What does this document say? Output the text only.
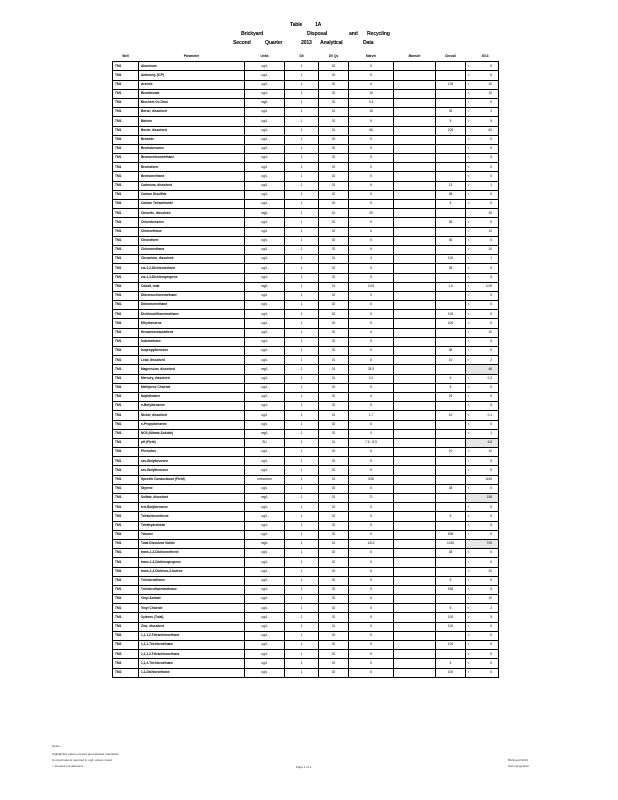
Table 1A
Brickyard	Disposal	and Recycling
Second	Quarter	2013 Analytical	Data
Well	Parameter	Units	Dil	DV Qs	Marvel	Mansell	Chrusll		2013
TM1	Aluminum	ug/L	1	02	5			<	5
TM1	Antimony (ICP)	ug/L	1	02	5			<	6
TM1	Arsenic	ug/L	1	02	6		135	<	10
TM1	Bicarbonate	ug/L	1	02	15			<	10
TM1	Biochem Ox Dmd	mg/L	1	02	0.5			<	5
TM1	Boron, dissolved	ug/L	1	01	18		35	<	2
TM1	Barium	ug/L	1	02	5		5	<	5
TM1	Boron, dissolved	ug/L	1	01	68		205		62
TM1	Bromide	ug/L	1	02	5			<	5
TM1	Bromobenzene	ug/L	1	02	5			<	5
TM1	Bromochloromethane	ug/L	1	02	5			<	5
TM1	Bromoform	ug/L	1	02	5			<	5
TM1	Bromomethane	ug/L	1	02	5			<	5
TM1	Cadmium, dissolved	ug/L	1	01	6		13	<	1
TM1	Carbon Disulfide	ug/L	1	02	5		38	<	5
TM1	Carbon Tetrachloride	ug/L	1	02	5		5	<	5
TM1	Chloride, dissolved	mg/L	1	01	25				25
TM1	Chlorobenzene	ug/L	1	02	5		38	<	5
TM1	Chloroethane	ug/L	1	02	6			<	10
TM1	Chloroform	ug/L	1	02	5		36	<	5
TM1	Chloromethane	ug/L	1	02	6			<	10
TM1	Chromium, dissolved	ug/L	1	01	3		100	<	1
TM1	cis-1,2-Dichloroethene	ug/L	1	02	5		38	<	5
TM1	cis-1,3-Dichloropropene	ug/L	1	02	5			<	5
TM1	Cobalt, total	mg/L	1	01	0.05		1.6	<	0.05
TM1	Dibromochloromethane	ug/L	1	02	5			<	5
TM1	Dibromomethane	ug/L	1	02	5			<	5
TM1	Dichlorodifluoromethane	ug/L	1	02	5		100	<	5
TM1	Ethylbenzene	ug/L	1	02	5		100	<	5
TM1	Hexachlorobutadiene	ug/L	1	02	6			<	10
TM1	Iodomethane	ug/L	1	02	5			<	5
TM1	Isopropylbenzene	ug/L	1	02	5		38	<	5
TM1	Lead, dissolved	ug/L	1	01	6		10	<	2
TM1	Magnesium, dissolved	mg/L	1	01	28.9				46
TM1	Mercury, dissolved	ug/L	1	01	0.2		6	<	0.2
TM1	Methylene Chloride	ug/L	1	02	5		6	<	5
TM1	Naphthalene	ug/L	1	02	6		25	<	5
TM1	n-Butylbenzene	ug/L	1	02	5			<	5
TM1	Nickel, dissolved	ug/L	1	01	1.7		10	<	0.1
TM1	n-Propylbenzene	ug/L	1	02	5			<	5
TM1	NO3 (Nitrate-Soluble)	mg/L	1	02	0			<	1
TM1	pH (Field)	SU	1	01	7.6 - 8.5				6.8
TM1	Phenolics	ug/L	1	02	6		10	<	10
TM1	sec-Butylbenzene	ug/L	1	02	5			<	5
TM1	sec-Butylbenzene	ug/L	1	02	5			<	5
TM1	Specific Conductance (Field)	umhos/cm	1	01	538				1165
TM1	Styrene	ug/L	1	02	5		38	<	5
TM1	Sulfate, dissolved	mg/L	1	01	71				158
TM1	tert-Butylbenzene	ug/L	1	02	5			<	5
TM1	Tetrachloroethene	ug/L	1	02	5		5	<	5
TM1	Tetrahydrofuran	ug/L	1	02	5			<	5
TM1	Toluene	ug/L	1	02	5		538	<	5
TM1	Total Dissolved Solids	mg/L	1	01	1412		1315		706
TM1	trans-1,2-Dichloroethene	ug/L	1	02	5		38	<	5
TM1	trans-1,3-Dichloropropene	ug/L	1	02	5			<	5
TM1	trans-1,4-Dichloro-2-butene	ug/L	1	02	6			<	20
TM1	Trichloroethene	ug/L	1	02	5		5	<	5
TM1	Trichlorofluoromethane	ug/L	1	02	5		538	<	5
TM1	Vinyl Acetate	ug/L	1	02	6			<	10
TM1	Vinyl Chloride	ug/L	1	02	6		6	<	2
TM1	Xylenes (Total)	ug/L	1	02	5		100	<	5
TM1	Zinc, dissolved	ug/L	1	01	5		100	<	5
TM2	1,1,1,2-Tetrachloroethane	ug/L	1	02	5			<	5
TM2	1,1,1-Trichloroethane	ug/L	1	02	5		100	<	5
TM2	1,1,2,2-Tetrachloroethane	ug/L	1	02	5			<	5
TM2	1,1,2-Trichloroethane	ug/L	1	02	5		5	<	5
TM2	1,1-Dichloroethane	ug/L	1	02	5		100	<	5
Notes:
Highlighted values exceed groundwater standards
Concentrations reported in ug/L unless noted
< denotes not detected	Page 1 of 2
Brickyard 2013
Second Quarter
